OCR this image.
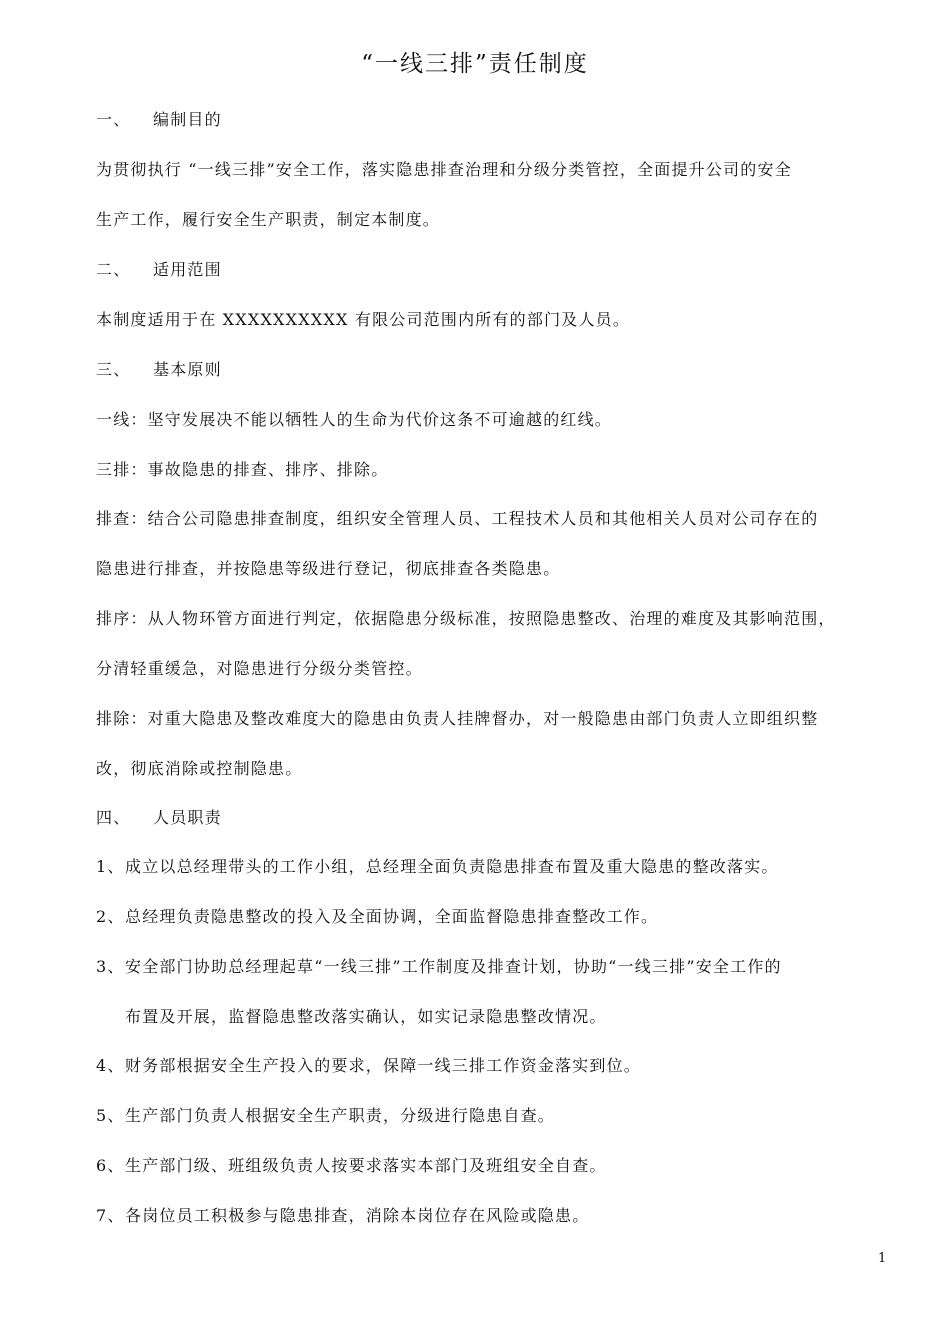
“一线三排”责任制度
一、 编制目的
为贯彻执行 “一线三排”安全工作，落实隐患排查治理和分级分类管控，全面提升公司的安全
生产工作，履行安全生产职责，制定本制度。
二、 适用范围
本制度适用于在 XXXXXXXXXX 有限公司范围内所有的部门及人员。
三、 基本原则
一线：坚守发展决不能以牺牲人的生命为代价这条不可逾越的红线。
三排：事故隐患的排查、排序、排除。
排查：结合公司隐患排查制度，组织安全管理人员、工程技术人员和其他相关人员对公司存在的
隐患进行排查，并按隐患等级进行登记，彻底排查各类隐患。
排序：从人物环管方面进行判定，依据隐患分级标准，按照隐患整改、治理的难度及其影响范围，
分清轻重缓急，对隐患进行分级分类管控。
排除：对重大隐患及整改难度大的隐患由负责人挂牌督办，对一般隐患由部门负责人立即组织整
改，彻底消除或控制隐患。
四、 人员职责
1、成立以总经理带头的工作小组，总经理全面负责隐患排查布置及重大隐患的整改落实。
2、总经理负责隐患整改的投入及全面协调，全面监督隐患排查整改工作。
3、安全部门协助总经理起草“一线三排”工作制度及排查计划，协助“一线三排”安全工作的
布置及开展，监督隐患整改落实确认，如实记录隐患整改情况。
4、财务部根据安全生产投入的要求，保障一线三排工作资金落实到位。
5、生产部门负责人根据安全生产职责，分级进行隐患自查。
6、生产部门级、班组级负责人按要求落实本部门及班组安全自查。
7、各岗位员工积极参与隐患排查，消除本岗位存在风险或隐患。
1
